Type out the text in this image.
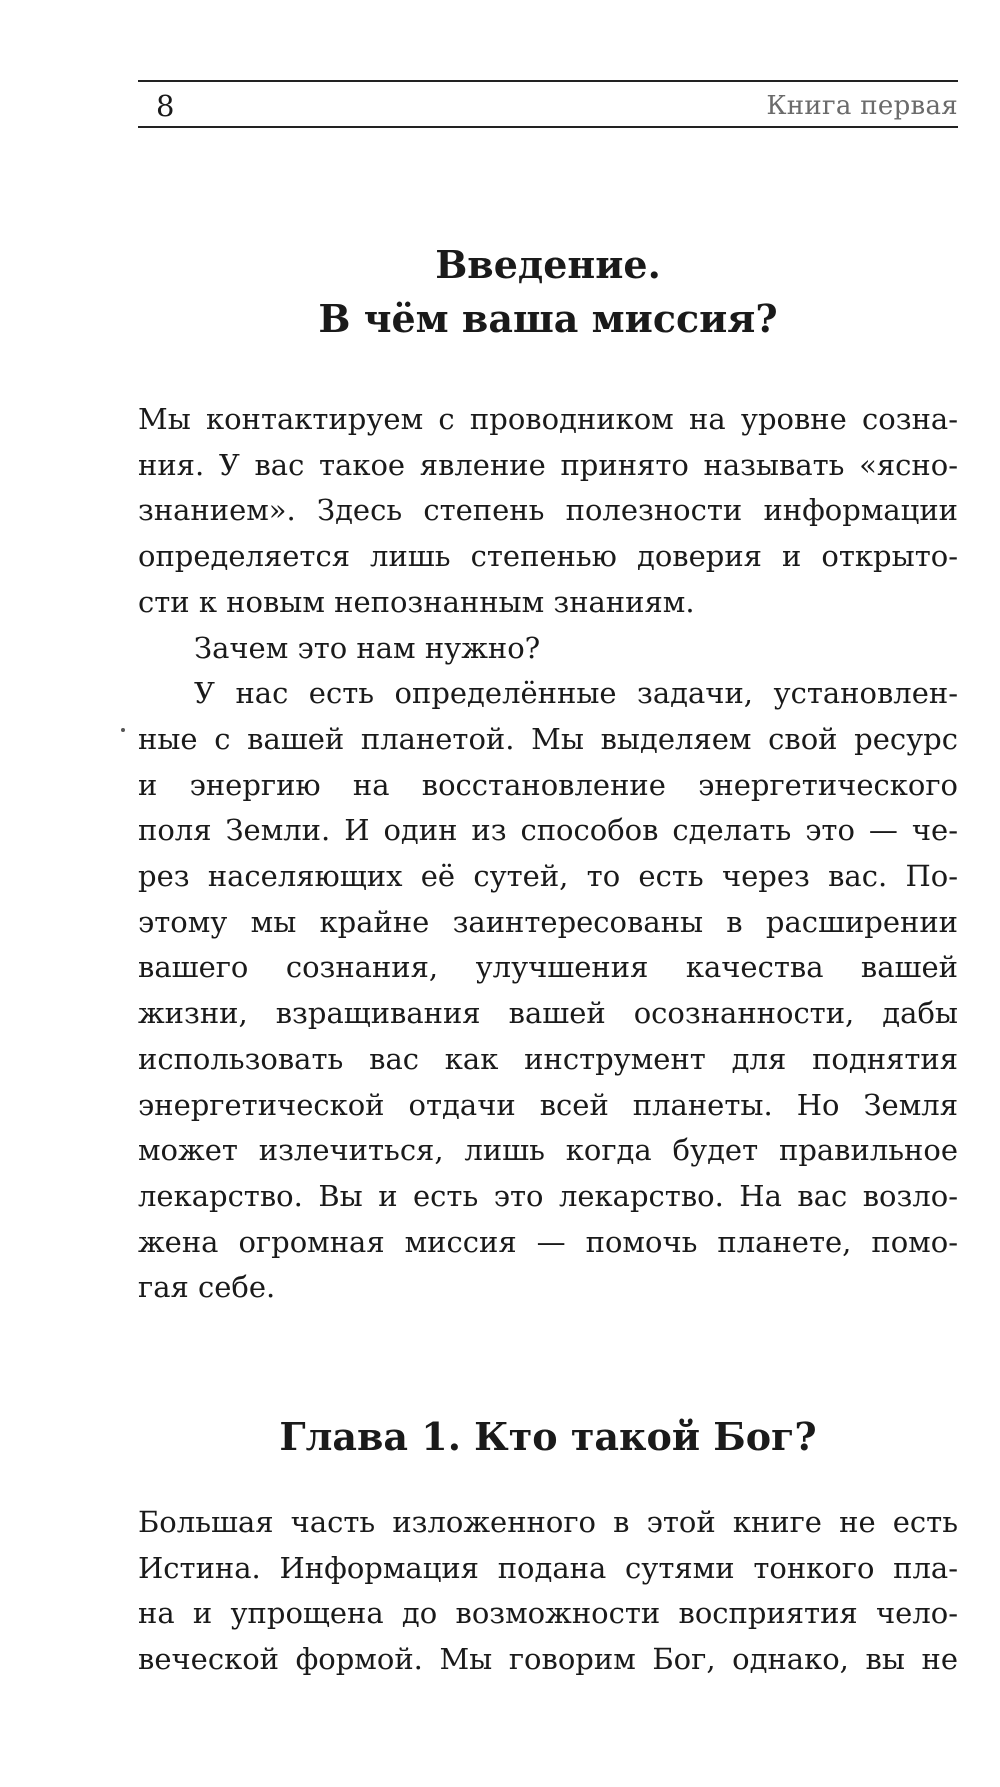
8	Книга первая
Введение.
В чём ваша миссия?
Мы контактируем с проводником на уровне созна-
ния. У вас такое явление принято называть «ясно-
знанием». Здесь степень полезности информации
определяется лишь степенью доверия и открыто-
сти к новым непознанным знаниям.
Зачем это нам нужно?
У нас есть определённые задачи, установлен-
ные с вашей планетой. Мы выделяем свой ресурс
и энергию на восстановление энергетического
поля Земли. И один из способов сделать это — че-
рез населяющих её сутей, то есть через вас. По-
этому мы крайне заинтересованы в расширении
вашего сознания, улучшения качества вашей
жизни, взращивания вашей осознанности, дабы
использовать вас как инструмент для поднятия
энергетической отдачи всей планеты. Но Земля
может излечиться, лишь когда будет правильное
лекарство. Вы и есть это лекарство. На вас возло-
жена огромная миссия — помочь планете, помо-
гая себе.
Глава 1. Кто такой Бог?
Большая часть изложенного в этой книге не есть
Истина. Информация подана сутями тонкого пла-
на и упрощена до возможности восприятия чело-
веческой формой. Мы говорим Бог, однако, вы не
